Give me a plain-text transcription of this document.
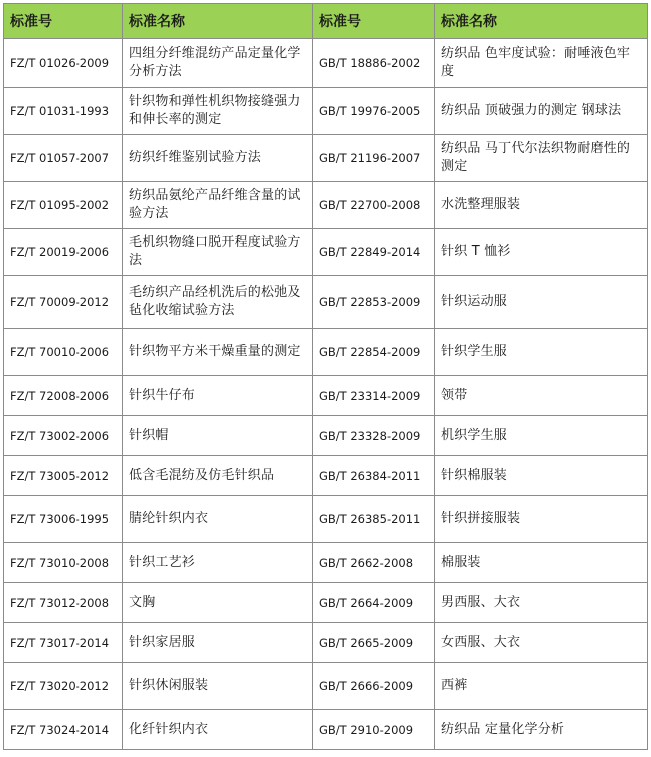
标准号	标准名称	标准号	标准名称
FZ/T 01026-2009	四组分纤维混纺产品定量化学分析方法	GB/T 18886-2002	纺织品 色牢度试验：耐唾液色牢度
FZ/T 01031-1993	针织物和弹性机织物接缝强力和伸长率的测定	GB/T 19976-2005	纺织品 顶破强力的测定 钢球法
FZ/T 01057-2007	纺织纤维鉴别试验方法	GB/T 21196-2007	纺织品 马丁代尔法织物耐磨性的测定
FZ/T 01095-2002	纺织品氨纶产品纤维含量的试验方法	GB/T 22700-2008	水洗整理服装
FZ/T 20019-2006	毛机织物缝口脱开程度试验方法	GB/T 22849-2014	针织 T 恤衫
FZ/T 70009-2012	毛纺织产品经机洗后的松弛及毡化收缩试验方法	GB/T 22853-2009	针织运动服
FZ/T 70010-2006	针织物平方米干燥重量的测定	GB/T 22854-2009	针织学生服
FZ/T 72008-2006	针织牛仔布	GB/T 23314-2009	领带
FZ/T 73002-2006	针织帽	GB/T 23328-2009	机织学生服
FZ/T 73005-2012	低含毛混纺及仿毛针织品	GB/T 26384-2011	针织棉服装
FZ/T 73006-1995	腈纶针织内衣	GB/T 26385-2011	针织拼接服装
FZ/T 73010-2008	针织工艺衫	GB/T 2662-2008	棉服装
FZ/T 73012-2008	文胸	GB/T 2664-2009	男西服、大衣
FZ/T 73017-2014	针织家居服	GB/T 2665-2009	女西服、大衣
FZ/T 73020-2012	针织休闲服装	GB/T 2666-2009	西裤
FZ/T 73024-2014	化纤针织内衣	GB/T 2910-2009	纺织品 定量化学分析
